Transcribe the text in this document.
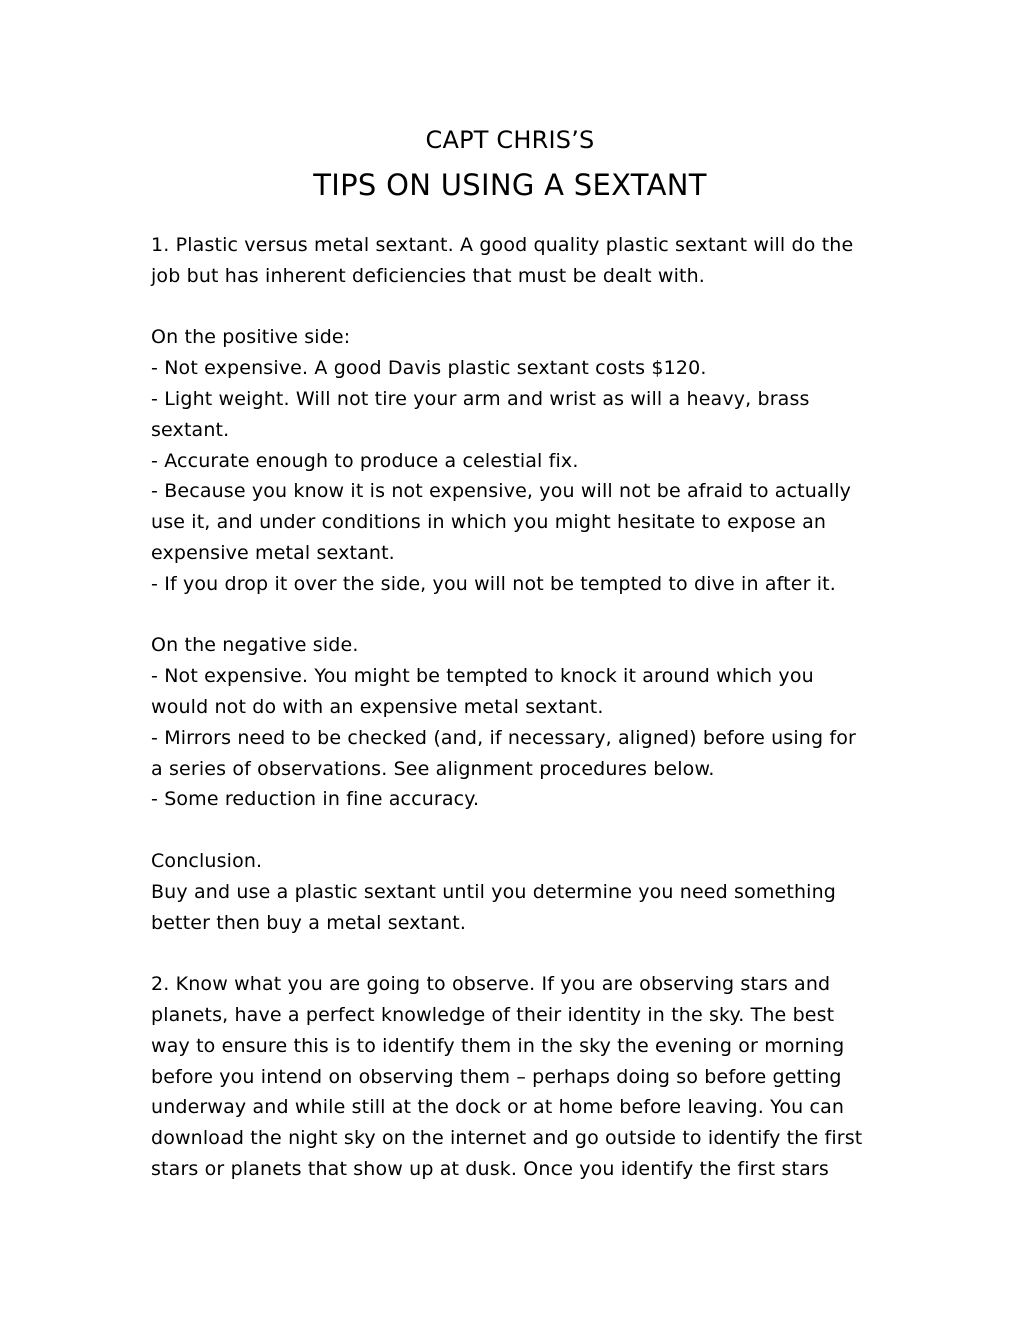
CAPT CHRIS’S
TIPS ON USING A SEXTANT
1. Plastic versus metal sextant. A good quality plastic sextant will do the
job but has inherent deficiencies that must be dealt with.
On the positive side:
- Not expensive. A good Davis plastic sextant costs $120.
- Light weight. Will not tire your arm and wrist as will a heavy, brass
sextant.
- Accurate enough to produce a celestial fix.
- Because you know it is not expensive, you will not be afraid to actually
use it, and under conditions in which you might hesitate to expose an
expensive metal sextant.
- If you drop it over the side, you will not be tempted to dive in after it.
On the negative side.
- Not expensive. You might be tempted to knock it around which you
would not do with an expensive metal sextant.
- Mirrors need to be checked (and, if necessary, aligned) before using for
a series of observations. See alignment procedures below.
- Some reduction in fine accuracy.
Conclusion.
Buy and use a plastic sextant until you determine you need something
better then buy a metal sextant.
2. Know what you are going to observe. If you are observing stars and
planets, have a perfect knowledge of their identity in the sky. The best
way to ensure this is to identify them in the sky the evening or morning
before you intend on observing them – perhaps doing so before getting
underway and while still at the dock or at home before leaving. You can
download the night sky on the internet and go outside to identify the first
stars or planets that show up at dusk. Once you identify the first stars
